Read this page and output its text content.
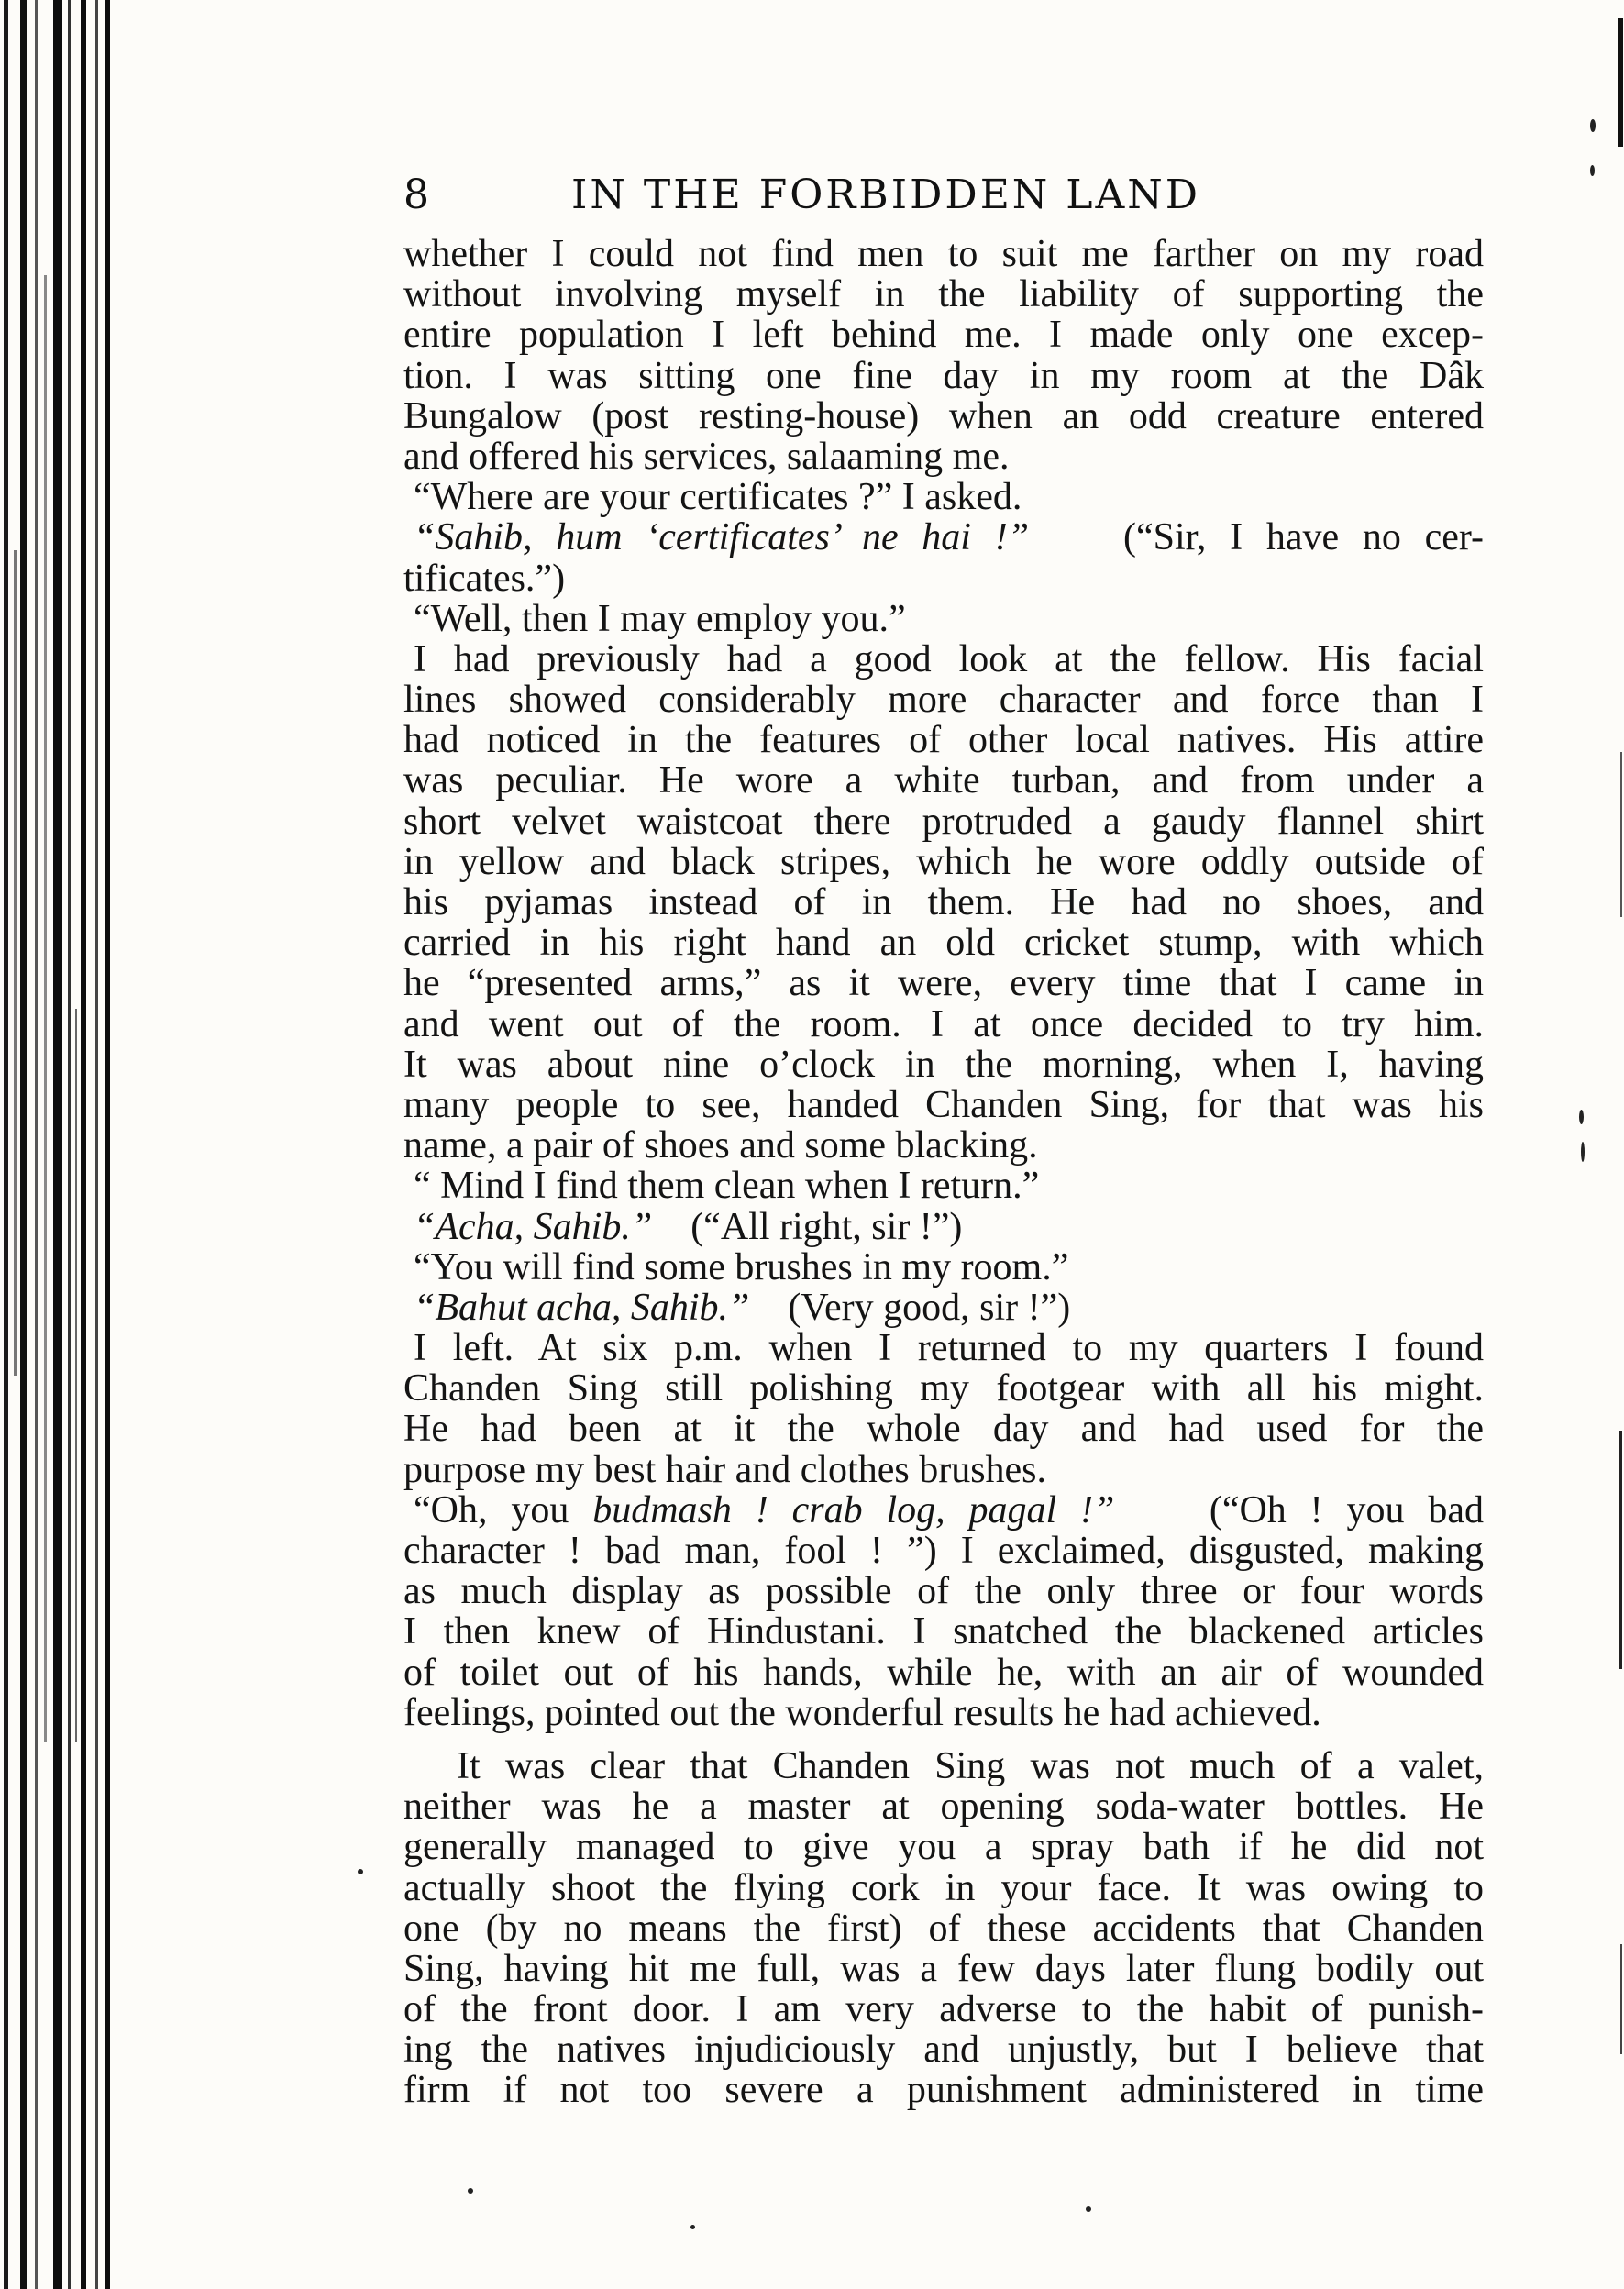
8	IN THE FORBIDDEN LAND
whether I could not find men to suit me farther on my road
without involving myself in the liability of supporting the
entire population I left behind me. I made only one excep-
tion. I was sitting one fine day in my room at the Dâk
Bungalow (post resting-house) when an odd creature entered
and offered his services, salaaming me.
“Where are your certificates ?” I asked.
“Sahib, hum ‘certificates’ ne hai !” (“Sir, I have no cer-
tificates.”)
“Well, then I may employ you.”
I had previously had a good look at the fellow. His facial
lines showed considerably more character and force than I
had noticed in the features of other local natives. His attire
was peculiar. He wore a white turban, and from under a
short velvet waistcoat there protruded a gaudy flannel shirt
in yellow and black stripes, which he wore oddly outside of
his pyjamas instead of in them. He had no shoes, and
carried in his right hand an old cricket stump, with which
he “presented arms,” as it were, every time that I came in
and went out of the room. I at once decided to try him.
It was about nine o’clock in the morning, when I, having
many people to see, handed Chanden Sing, for that was his
name, a pair of shoes and some blacking.
“ Mind I find them clean when I return.”
“Acha, Sahib.” (“All right, sir !”)
“You will find some brushes in my room.”
“Bahut acha, Sahib.” (Very good, sir !”)
I left. At six p.m. when I returned to my quarters I found
Chanden Sing still polishing my footgear with all his might.
He had been at it the whole day and had used for the
purpose my best hair and clothes brushes.
“Oh, you budmash ! crab log, pagal !” (“Oh ! you bad
character ! bad man, fool ! ”) I exclaimed, disgusted, making
as much display as possible of the only three or four words
I then knew of Hindustani. I snatched the blackened articles
of toilet out of his hands, while he, with an air of wounded
feelings, pointed out the wonderful results he had achieved.
It was clear that Chanden Sing was not much of a valet,
neither was he a master at opening soda-water bottles. He
generally managed to give you a spray bath if he did not
actually shoot the flying cork in your face. It was owing to
one (by no means the first) of these accidents that Chanden
Sing, having hit me full, was a few days later flung bodily out
of the front door. I am very adverse to the habit of punish-
ing the natives injudiciously and unjustly, but I believe that
firm if not too severe a punishment administered in time
